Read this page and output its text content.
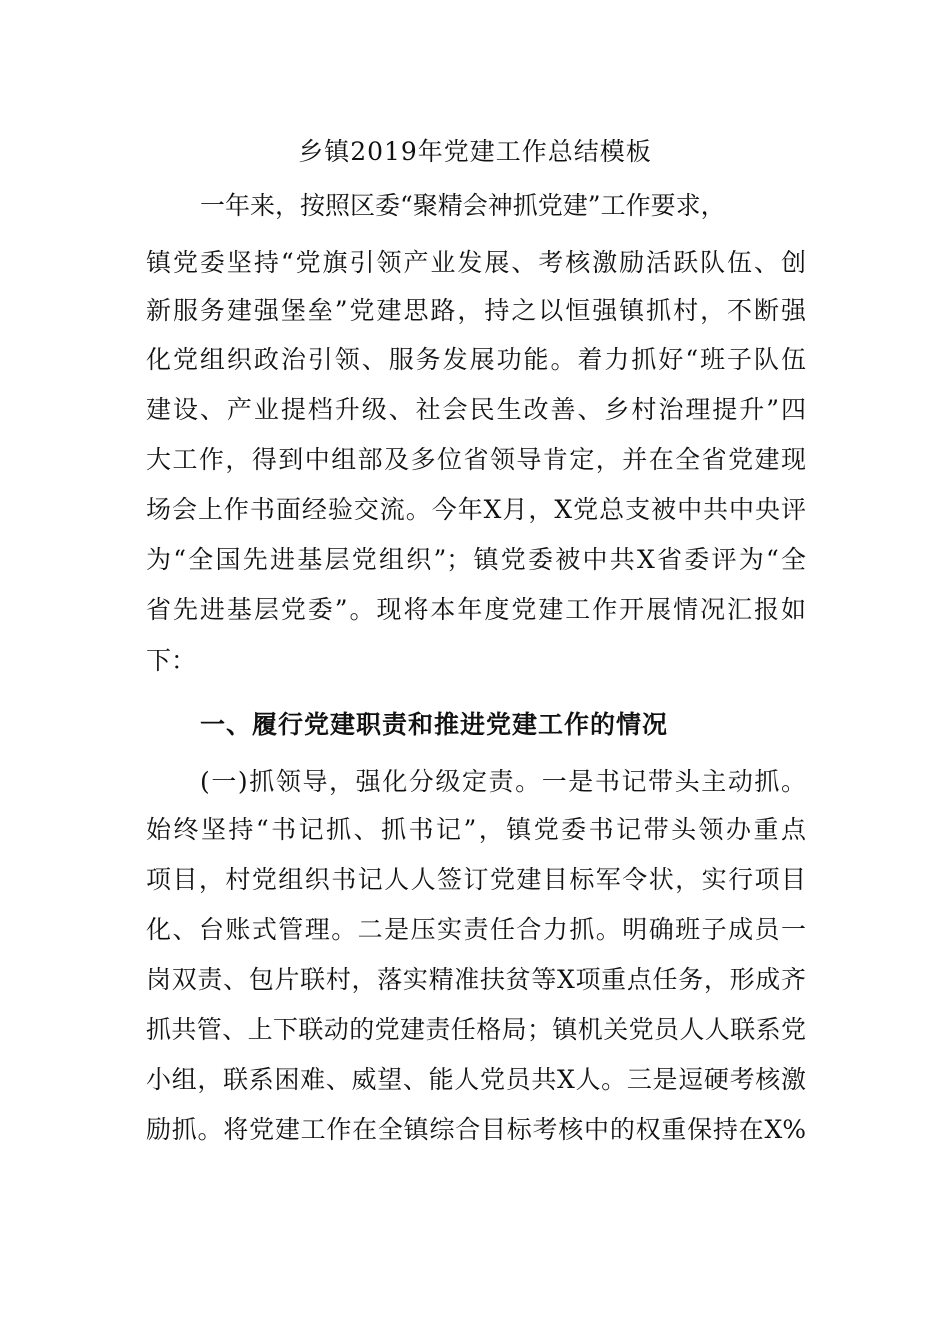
乡镇2019年党建工作总结模板
一年来，按照区委“聚精会神抓党建”工作要求，
镇党委坚持“党旗引领产业发展、考核激励活跃队伍、创
新服务建强堡垒”党建思路，持之以恒强镇抓村，不断强
化党组织政治引领、服务发展功能。着力抓好“班子队伍
建设、产业提档升级、社会民生改善、乡村治理提升”四
大工作，得到中组部及多位省领导肯定，并在全省党建现
场会上作书面经验交流。今年X月，X党总支被中共中央评
为“全国先进基层党组织”；镇党委被中共X省委评为“全
省先进基层党委”。现将本年度党建工作开展情况汇报如
下：
一、履行党建职责和推进党建工作的情况
(一)抓领导，强化分级定责。一是书记带头主动抓。
始终坚持“书记抓、抓书记”，镇党委书记带头领办重点
项目，村党组织书记人人签订党建目标军令状，实行项目
化、台账式管理。二是压实责任合力抓。明确班子成员一
岗双责、包片联村，落实精准扶贫等X项重点任务，形成齐
抓共管、上下联动的党建责任格局；镇机关党员人人联系党
小组，联系困难、威望、能人党员共X人。三是逗硬考核激
励抓。将党建工作在全镇综合目标考核中的权重保持在X%
